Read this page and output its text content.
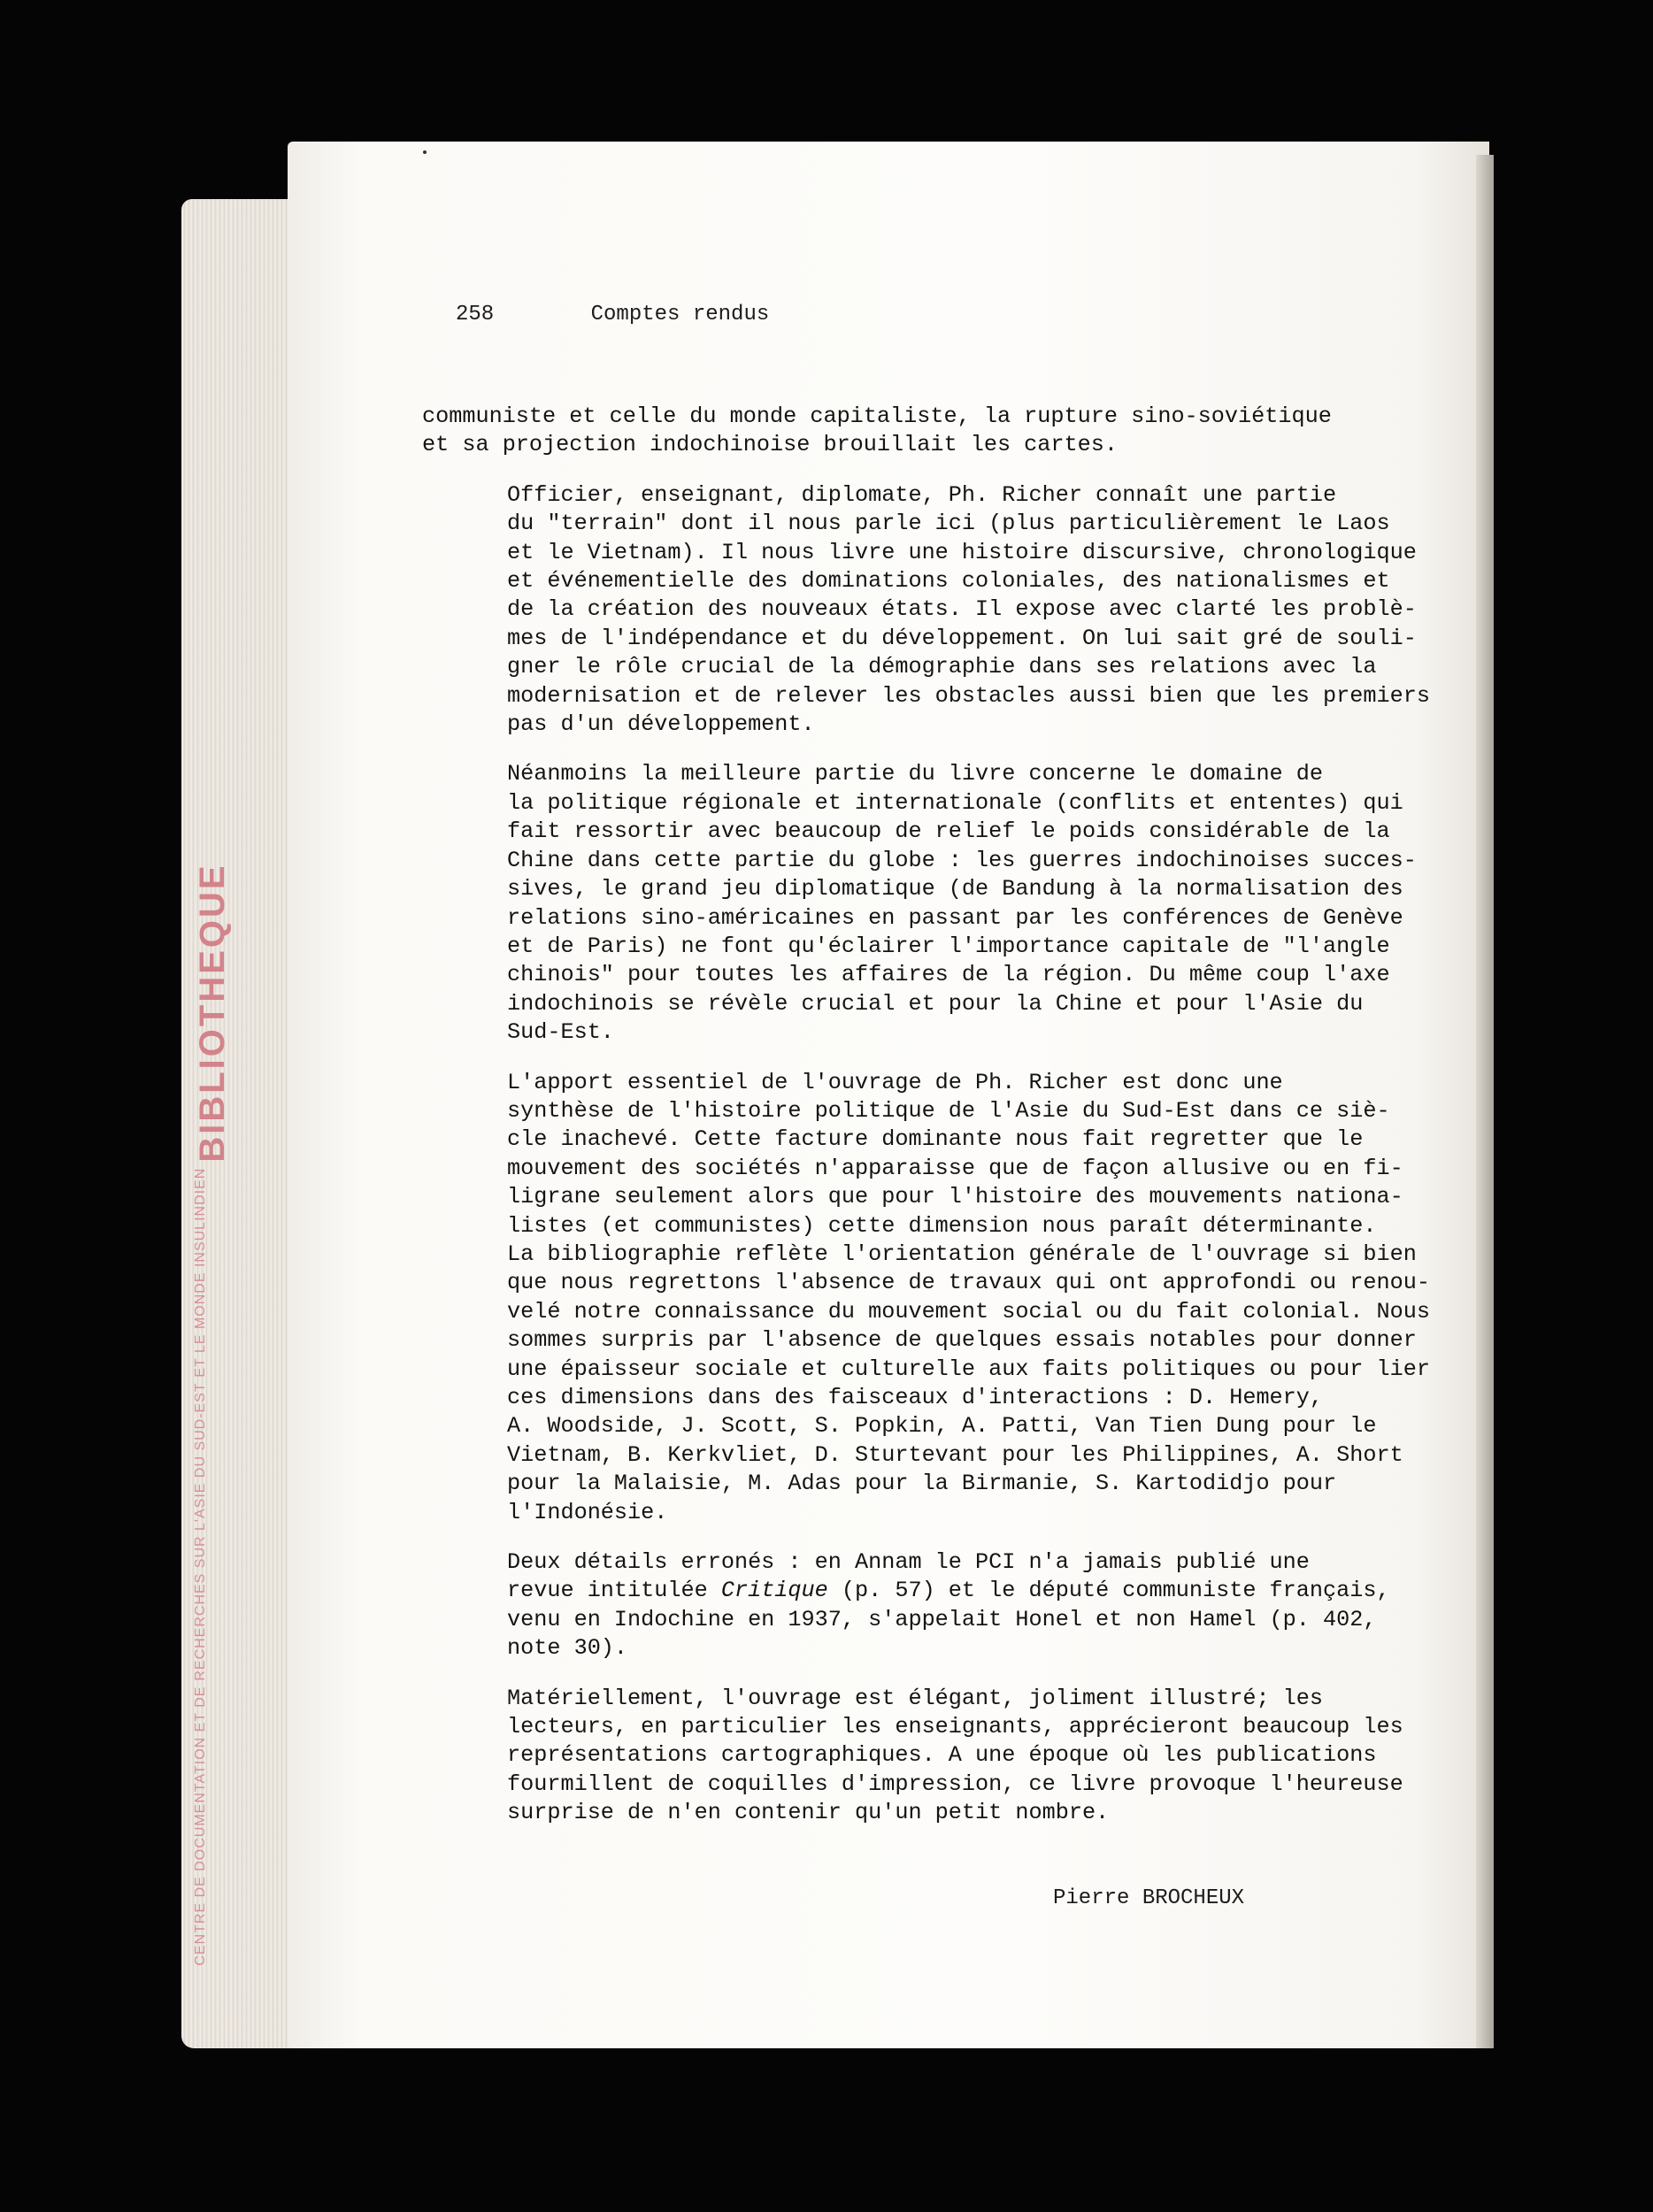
CENTRE DE DOCUMENTATION ET DE
RECHERCHES SUR L'ASIE DU SUD-EST
ET LE MONDE INSULINDIEN
BIBLIOTHEQUE
258	Comptes rendus

communiste et celle du monde capitaliste, la rupture sino-soviétique
et sa projection indochinoise brouillait les cartes.

Officier, enseignant, diplomate, Ph. Richer connaît une partie
du "terrain" dont il nous parle ici (plus particulièrement le Laos
et le Vietnam). Il nous livre une histoire discursive, chronologique
et événementielle des dominations coloniales, des nationalismes et
de la création des nouveaux états. Il expose avec clarté les problè-
mes de l'indépendance et du développement. On lui sait gré de souli-
gner le rôle crucial de la démographie dans ses relations avec la
modernisation et de relever les obstacles aussi bien que les premiers
pas d'un développement.

Néanmoins la meilleure partie du livre concerne le domaine de
la politique régionale et internationale (conflits et ententes) qui
fait ressortir avec beaucoup de relief le poids considérable de la
Chine dans cette partie du globe : les guerres indochinoises succes-
sives, le grand jeu diplomatique (de Bandung à la normalisation des
relations sino-américaines en passant par les conférences de Genève
et de Paris) ne font qu'éclairer l'importance capitale de "l'angle
chinois" pour toutes les affaires de la région. Du même coup l'axe
indochinois se révèle crucial et pour la Chine et pour l'Asie du
Sud-Est.

L'apport essentiel de l'ouvrage de Ph. Richer est donc une
synthèse de l'histoire politique de l'Asie du Sud-Est dans ce siè-
cle inachevé. Cette facture dominante nous fait regretter que le
mouvement des sociétés n'apparaisse que de façon allusive ou en fi-
ligrane seulement alors que pour l'histoire des mouvements nationa-
listes (et communistes) cette dimension nous paraît déterminante.
La bibliographie reflète l'orientation générale de l'ouvrage si bien
que nous regrettons l'absence de travaux qui ont approfondi ou renou-
velé notre connaissance du mouvement social ou du fait colonial. Nous
sommes surpris par l'absence de quelques essais notables pour donner
une épaisseur sociale et culturelle aux faits politiques ou pour lier
ces dimensions dans des faisceaux d'interactions : D. Hemery,
A. Woodside, J. Scott, S. Popkin, A. Patti, Van Tien Dung pour le
Vietnam, B. Kerkvliet, D. Sturtevant pour les Philippines, A. Short
pour la Malaisie, M. Adas pour la Birmanie, S. Kartodidjo pour
l'Indonésie.

Deux détails erronés : en Annam le PCI n'a jamais publié une
revue intitulée Critique (p. 57) et le député communiste français,
venu en Indochine en 1937, s'appelait Honel et non Hamel (p. 402,
note 30).

Matériellement, l'ouvrage est élégant, joliment illustré; les
lecteurs, en particulier les enseignants, apprécieront beaucoup les
représentations cartographiques. A une époque où les publications
fourmillent de coquilles d'impression, ce livre provoque l'heureuse
surprise de n'en contenir qu'un petit nombre.

Pierre BROCHEUX
